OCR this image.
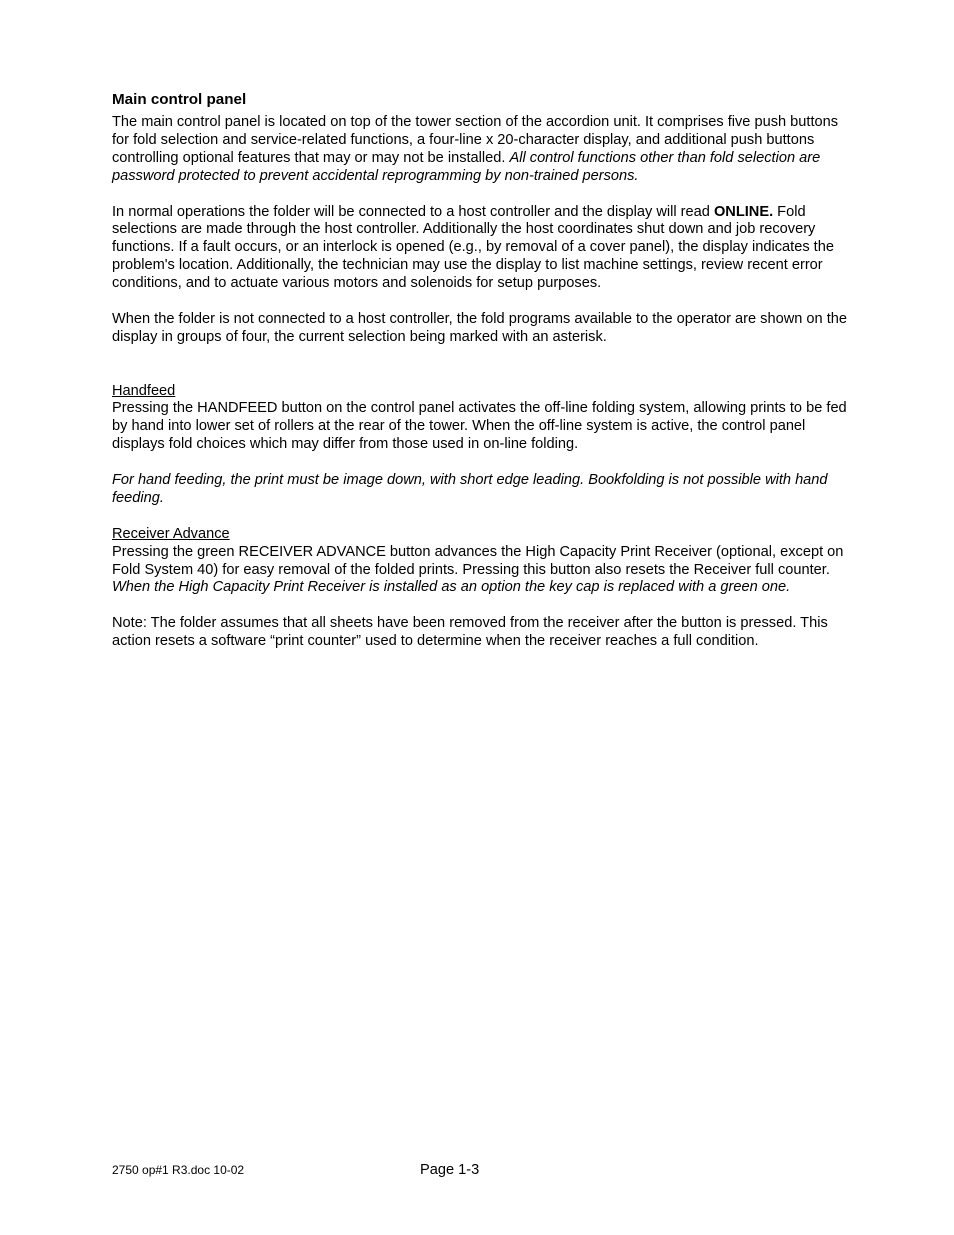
Main control panel

The main control panel is located on top of the tower section of the accordion unit. It comprises five push buttons for fold selection and service-related functions, a four-line x 20-character display, and additional push buttons controlling optional features that may or may not be installed. All control functions other than fold selection are password protected to prevent accidental reprogramming by non-trained persons.

In normal operations the folder will be connected to a host controller and the display will read ONLINE. Fold selections are made through the host controller. Additionally the host coordinates shut down and job recovery functions. If a fault occurs, or an interlock is opened (e.g., by removal of a cover panel), the display indicates the problem's location. Additionally, the technician may use the display to list machine settings, review recent error conditions, and to actuate various motors and solenoids for setup purposes.

When the folder is not connected to a host controller, the fold programs available to the operator are shown on the display in groups of four, the current selection being marked with an asterisk.

Handfeed
Pressing the HANDFEED button on the control panel activates the off-line folding system, allowing prints to be fed by hand into lower set of rollers at the rear of the tower. When the off-line system is active, the control panel displays fold choices which may differ from those used in on-line folding.

For hand feeding, the print must be image down, with short edge leading. Bookfolding is not possible with hand feeding.

Receiver Advance
Pressing the green RECEIVER ADVANCE button advances the High Capacity Print Receiver (optional, except on Fold System 40) for easy removal of the folded prints. Pressing this button also resets the Receiver full counter. When the High Capacity Print Receiver is installed as an option the key cap is replaced with a green one.

Note: The folder assumes that all sheets have been removed from the receiver after the button is pressed. This action resets a software “print counter” used to determine when the receiver reaches a full condition.

2750 op#1 R3.doc 10-02	Page 1-3
